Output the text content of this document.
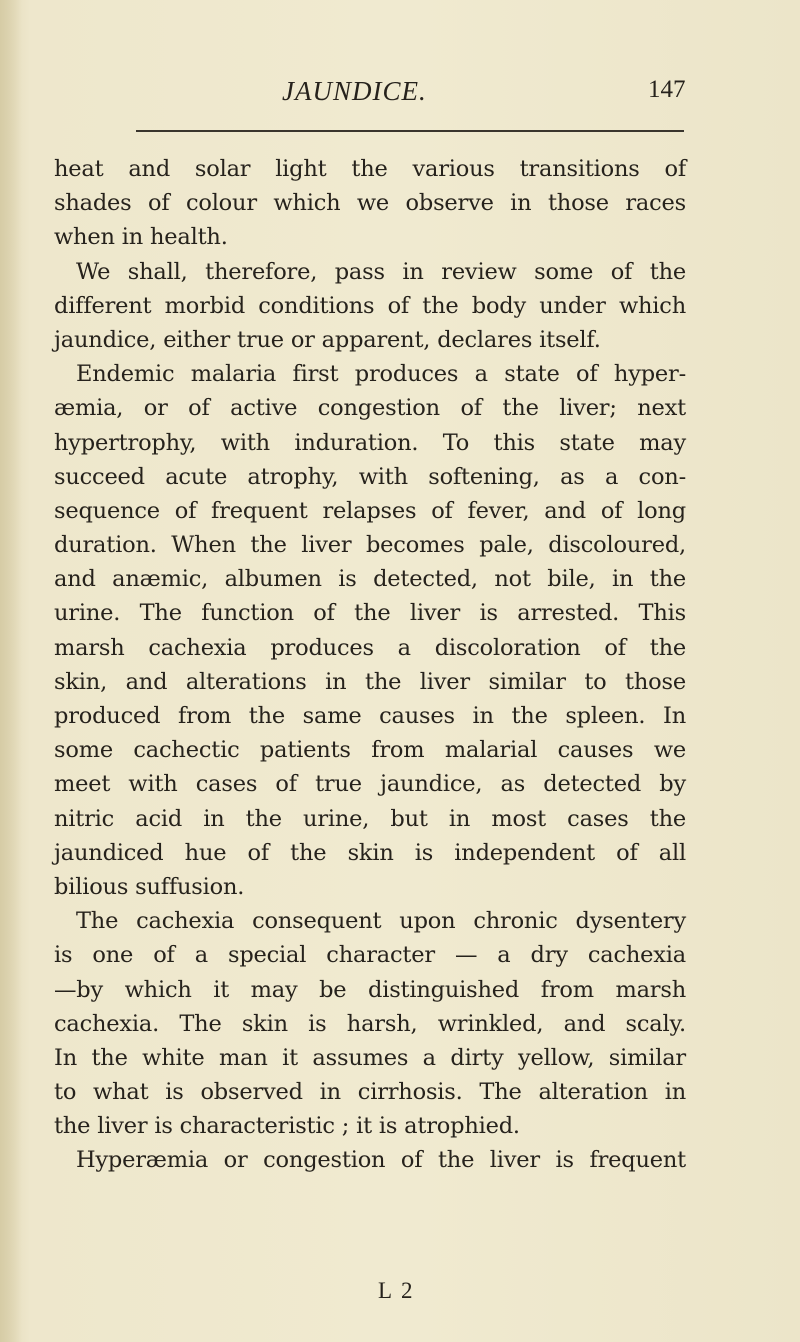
JAUNDICE.	147
heat and solar light the various transitions of
shades of colour which we observe in those races
when in health.
We shall, therefore, pass in review some of the
different morbid conditions of the body under which
jaundice, either true or apparent, declares itself.
Endemic malaria first produces a state of hyper-
æmia, or of active congestion of the liver; next
hypertrophy, with induration. To this state may
succeed acute atrophy, with softening, as a con-
sequence of frequent relapses of fever, and of long
duration. When the liver becomes pale, discoloured,
and anæmic, albumen is detected, not bile, in the
urine. The function of the liver is arrested. This
marsh cachexia produces a discoloration of the
skin, and alterations in the liver similar to those
produced from the same causes in the spleen. In
some cachectic patients from malarial causes we
meet with cases of true jaundice, as detected by
nitric acid in the urine, but in most cases the
jaundiced hue of the skin is independent of all
bilious suffusion.
The cachexia consequent upon chronic dysentery
is one of a special character — a dry cachexia
—by which it may be distinguished from marsh
cachexia. The skin is harsh, wrinkled, and scaly.
In the white man it assumes a dirty yellow, similar
to what is observed in cirrhosis. The alteration in
the liver is characteristic ; it is atrophied.
Hyperæmia or congestion of the liver is frequent
L 2
